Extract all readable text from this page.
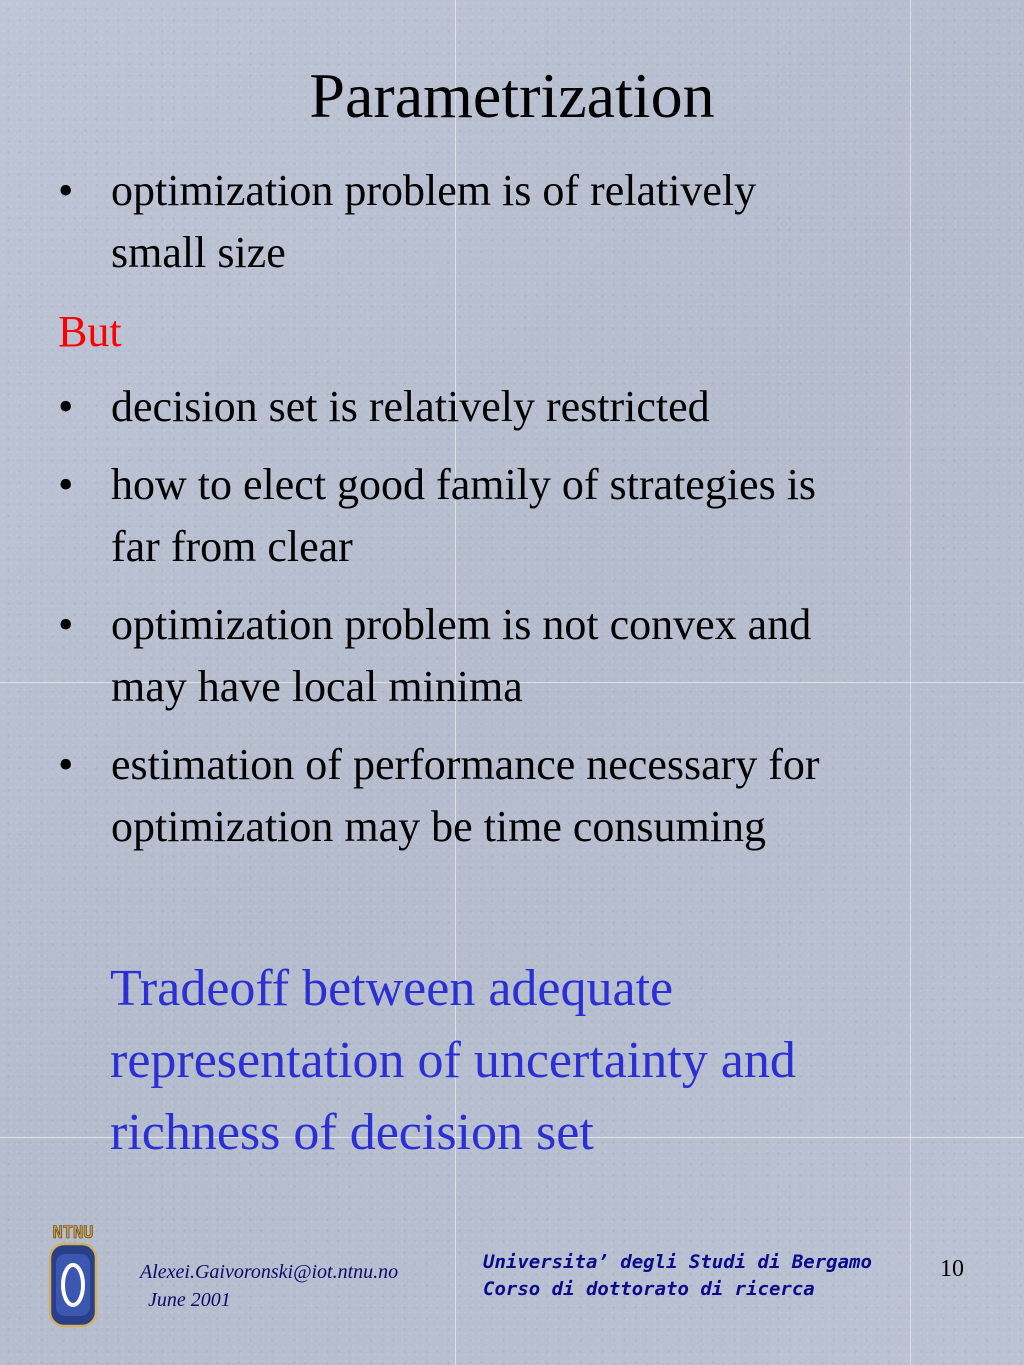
Parametrization
• optimization problem is of relatively
small size
But
• decision set is relatively restricted
• how to elect good family of strategies is
far from clear
• optimization problem is not convex and
may have local minima
• estimation of performance necessary for
optimization may be time consuming
Tradeoff between adequate
representation of uncertainty and
richness of decision set
NTNU
Alexei.Gaivoronski@iot.ntnu.no
June 2001
Universita’ degli Studi di Bergamo
Corso di dottorato di ricerca
10
